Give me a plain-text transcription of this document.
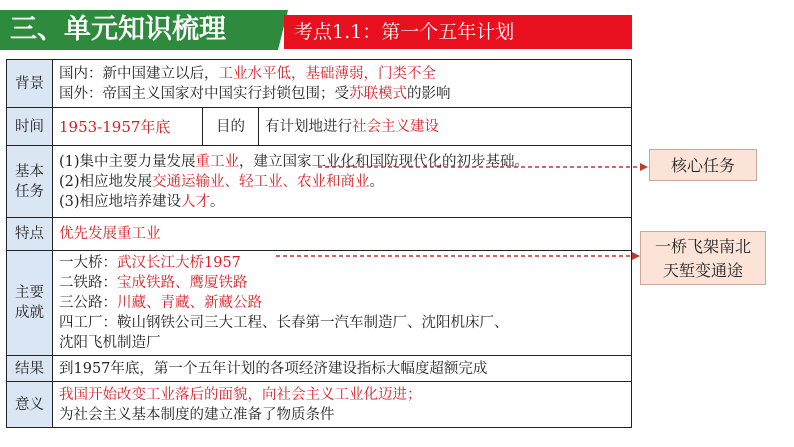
三、单元知识梳理	考点1.1：第一个五年计划
背景	国内：新中国建立以后，工业水平低，基础薄弱，门类不全
国外：帝国主义国家对中国实行封锁包围；受苏联模式的影响		

时间	1953-1957年底	目的	有计划地进行社会主义建设
基本任务	(1)集中主要力量发展重工业，建立国家工业化和国防现代化的初步基础。
(2)相应地发展交通运输业、轻工业、农业和商业。
(3)相应地培养建设人才。		

特点	优先发展重工业		
主要成就	一大桥：武汉长江大桥1957
二铁路：宝成铁路、鹰厦铁路
三公路：川藏、青藏、新藏公路
四工厂：鞍山钢铁公司三大工程、长春第一汽车制造厂、沈阳机床厂、
沈阳飞机制造厂		

结果	到1957年底，第一个五年计划的各项经济建设指标大幅度超额完成		
意义	我国开始改变工业落后的面貌，向社会主义工业化迈进；
为社会主义基本制度的建立准备了物质条件		
核心任务
一桥飞架南北
天堑变通途
